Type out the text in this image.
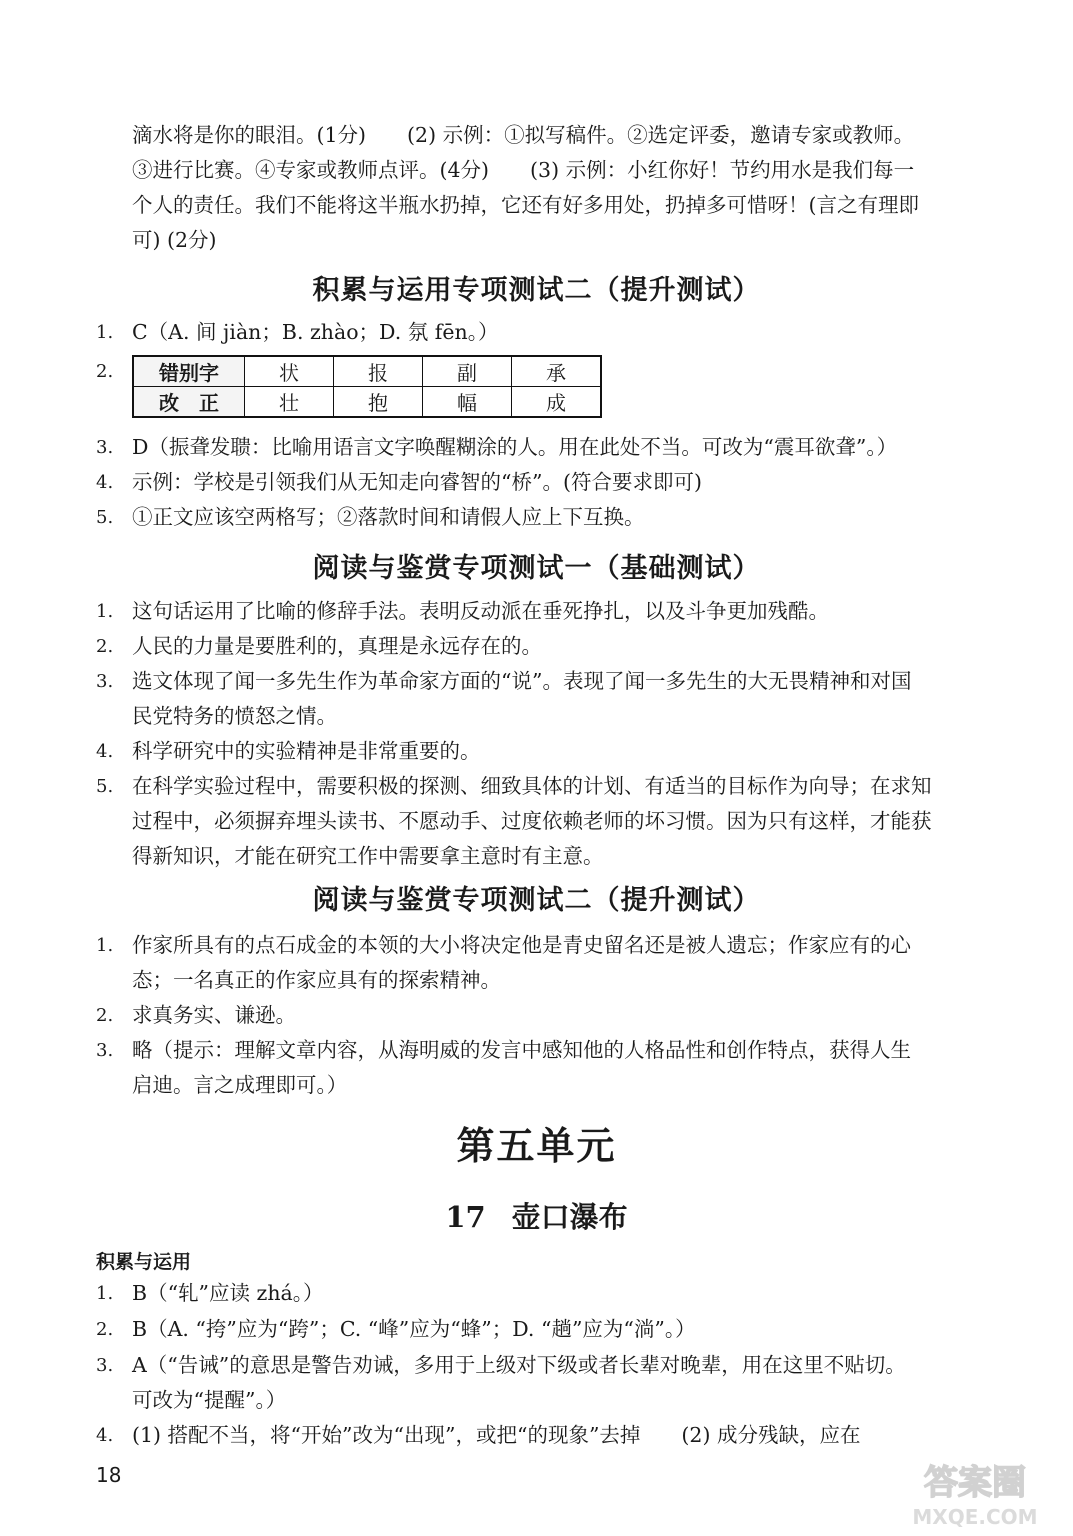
滴水将是你的眼泪。(1分)　　(2) 示例：①拟写稿件。②选定评委，邀请专家或教师。
③进行比赛。④专家或教师点评。(4分)　　(3) 示例：小红你好！节约用水是我们每一
个人的责任。我们不能将这半瓶水扔掉，它还有好多用处，扔掉多可惜呀！(言之有理即
可) (2分)
积累与运用专项测试二（提升测试）
1. C（A. 间 jiàn；B. zhào；D. 氛 fēn。）
2.	错别字	状	报	副	承
改　正	壮	抱	幅	成
3. D（振聋发聩：比喻用语言文字唤醒糊涂的人。用在此处不当。可改为“震耳欲聋”。）
4. 示例：学校是引领我们从无知走向睿智的“桥”。(符合要求即可)
5. ①正文应该空两格写；②落款时间和请假人应上下互换。
阅读与鉴赏专项测试一（基础测试）
1. 这句话运用了比喻的修辞手法。表明反动派在垂死挣扎，以及斗争更加残酷。
2. 人民的力量是要胜利的，真理是永远存在的。
3. 选文体现了闻一多先生作为革命家方面的“说”。表现了闻一多先生的大无畏精神和对国
民党特务的愤怒之情。
4. 科学研究中的实验精神是非常重要的。
5. 在科学实验过程中，需要积极的探测、细致具体的计划、有适当的目标作为向导；在求知
过程中，必须摒弃埋头读书、不愿动手、过度依赖老师的坏习惯。因为只有这样，才能获
得新知识，才能在研究工作中需要拿主意时有主意。
阅读与鉴赏专项测试二（提升测试）
1. 作家所具有的点石成金的本领的大小将决定他是青史留名还是被人遗忘；作家应有的心
态；一名真正的作家应具有的探索精神。
2. 求真务实、谦逊。
3. 略（提示：理解文章内容，从海明威的发言中感知他的人格品性和创作特点，获得人生
启迪。言之成理即可。）
第五单元
17 壶口瀑布
积累与运用
1. B（“轧”应读 zhá。）
2. B（A. “挎”应为“跨”；C. “峰”应为“蜂”；D. “趟”应为“淌”。）
3. A（“告诫”的意思是警告劝诫，多用于上级对下级或者长辈对晚辈，用在这里不贴切。
可改为“提醒”。）
4. (1) 搭配不当，将“开始”改为“出现”，或把“的现象”去掉　　(2) 成分残缺，应在
18	答案圈
MXQE.COM
